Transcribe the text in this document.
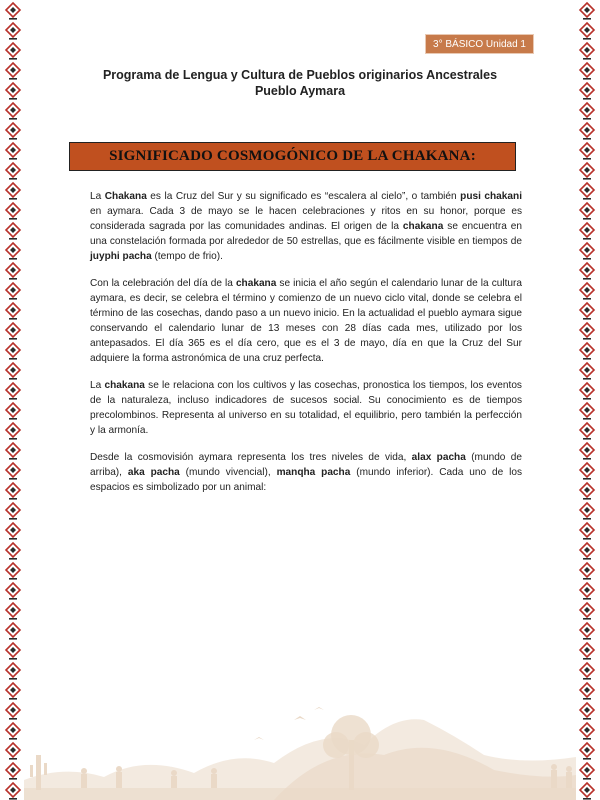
3° BÁSICO Unidad 1
Programa de Lengua y Cultura de Pueblos originarios Ancestrales
Pueblo Aymara
SIGNIFICADO COSMOGÓNICO DE LA CHAKANA:

La Chakana es la Cruz del Sur y su significado es “escalera al cielo”, o también pusi chakani en aymara. Cada 3 de mayo se le hacen celebraciones y ritos en su honor, porque es considerada sagrada por las comunidades andinas. El origen de la chakana se encuentra en una constelación formada por alrededor de 50 estrellas, que es fácilmente visible en tiempos de juyphi pacha (tempo de frio).

Con la celebración del día de la chakana se inicia el año según el calendario lunar de la cultura aymara, es decir, se celebra el término y comienzo de un nuevo ciclo vital, donde se celebra el término de las cosechas, dando paso a un nuevo inicio. En la actualidad el pueblo aymara sigue conservando el calendario lunar de 13 meses con 28 días cada mes, utilizado por los antepasados. El día 365 es el día cero, que es el 3 de mayo, día en que la Cruz del Sur adquiere la forma astronómica de una cruz perfecta.

La chakana se le relaciona con los cultivos y las cosechas, pronostica los tiempos, los eventos de la naturaleza, incluso indicadores de sucesos social. Su conocimiento es de tiempos precolombinos. Representa al universo en su totalidad, el equilibrio, pero también la perfección y la armonía.

Desde la cosmovisión aymara representa los tres niveles de vida, alax pacha (mundo de arriba), aka pacha (mundo vivencial), manqha pacha (mundo inferior). Cada uno de los espacios es simbolizado por un animal:
